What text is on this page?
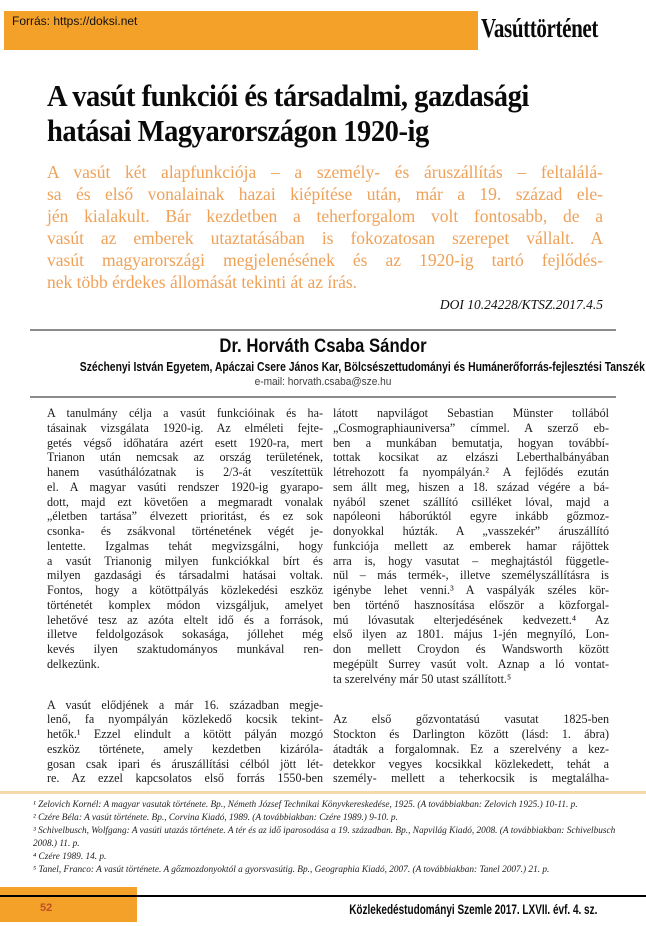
Forrás: https://doksi.net	Vasúttörténet
A vasút funkciói és társadalmi, gazdasági
hatásai Magyarországon 1920-ig
A vasút két alapfunkciója – a személy- és áruszállítás – feltalálá-
sa és első vonalainak hazai kiépítése után, már a 19. század ele-
jén kialakult. Bár kezdetben a teherforgalom volt fontosabb, de a
vasút az emberek utaztatásában is fokozatosan szerepet vállalt. A
vasút magyarországi megjelenésének és az 1920-ig tartó fejlődés-
nek több érdekes állomását tekinti át az írás.
DOI 10.24228/KTSZ.2017.4.5
Dr. Horváth Csaba Sándor
Széchenyi István Egyetem, Apáczai Csere János Kar, Bölcsészettudományi és Humánerőforrás-fejlesztési Tanszék
e-mail: horvath.csaba@sze.hu
A tanulmány célja a vasút funkcióinak és ha-
tásainak vizsgálata 1920-ig. Az elméleti fejte-
getés végső időhatára azért esett 1920-ra, mert
Trianon után nemcsak az ország területének,
hanem vasúthálózatnak is 2/3-át veszítettük
el. A magyar vasúti rendszer 1920-ig gyarapo-
dott, majd ezt követően a megmaradt vonalak
„életben tartása” élvezett prioritást, és ez sok
csonka- és zsákvonal történetének végét je-
lentette. Izgalmas tehát megvizsgálni, hogy
a vasút Trianonig milyen funkciókkal bírt és
milyen gazdasági és társadalmi hatásai voltak.
Fontos, hogy a kötöttpályás közlekedési eszköz
történetét komplex módon vizsgáljuk, amelyet
lehetővé tesz az azóta eltelt idő és a források,
illetve feldolgozások sokasága, jóllehet még
kevés ilyen szaktudományos munkával ren-
delkezünk.
A vasút elődjének a már 16. században megje-
lenő, fa nyompályán közlekedő kocsik tekint-
hetők.¹ Ezzel elindult a kötött pályán mozgó
eszköz története, amely kezdetben kizáróla-
gosan csak ipari és áruszállítási célból jött lét-
re. Az ezzel kapcsolatos első forrás 1550-ben
látott napvilágot Sebastian Münster tollából
„Cosmographiauniversa” címmel. A szerző eb-
ben a munkában bemutatja, hogyan továbbí-
tottak kocsikat az elzászi Leberthalbányában
létrehozott fa nyompályán.² A fejlődés ezután
sem állt meg, hiszen a 18. század végére a bá-
nyából szenet szállító csilléket lóval, majd a
napóleoni háborúktól egyre inkább gőzmoz-
donyokkal húzták. A „vasszekér” áruszállító
funkciója mellett az emberek hamar rájöttek
arra is, hogy vasutat – meghajtástól függetle-
nül – más termék-, illetve személyszállításra is
igénybe lehet venni.³ A vaspályák széles kör-
ben történő hasznosítása először a közforgal-
mú lóvasutak elterjedésének kedvezett.⁴ Az
első ilyen az 1801. május 1-jén megnyíló, Lon-
don mellett Croydon és Wandsworth között
megépült Surrey vasút volt. Aznap a ló vontat-
ta szerelvény már 50 utast szállított.⁵
Az első gőzvontatású vasutat 1825-ben
Stockton és Darlington között (lásd: 1. ábra)
átadták a forgalomnak. Ez a szerelvény a kez-
detekkor vegyes kocsikkal közlekedett, tehát a
személy- mellett a teherkocsik is megtalálha-
¹ Zelovich Kornél: A magyar vasutak története. Bp., Németh József Technikai Könyvkereskedése, 1925. (A továbbiakban: Zelovich 1925.) 10-11. p.
² Czére Béla: A vasút története. Bp., Corvina Kiadó, 1989. (A továbbiakban: Czére 1989.) 9-10. p.
³ Schivelbusch, Wolfgang: A vasúti utazás története. A tér és az idő iparosodása a 19. században. Bp., Napvilág Kiadó, 2008. (A továbbiakban: Schivelbusch 2008.) 11. p.
⁴ Czére 1989. 14. p.
⁵ Tanel, Franco: A vasút története. A gőzmozdonyoktól a gyorsvasútig. Bp., Geographia Kiadó, 2007. (A továbbiakban: Tanel 2007.) 21. p.
52	Közlekedéstudományi Szemle 2017. LXVII. évf. 4. sz.
